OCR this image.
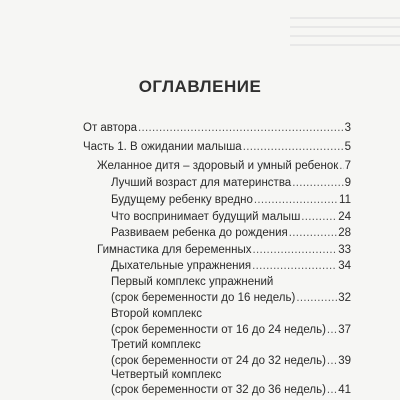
ОГЛАВЛЕНИЕ
От автора .....	3
Часть 1. В ожидании малыша .....	5
Желанное дитя – здоровый и умный ребенок ..... 7
Лучший возраст для материнства .....	9
Будущему ребенку вредно .....	11
Что воспринимает будущий малыш .....	24
Развиваем ребенка до рождения .....	28
Гимнастика для беременных .....	33
Дыхательные упражнения .....	34
Первый комплекс упражнений
(срок беременности до 16 недель) .....	32
Второй комплекс
(срок беременности от 16 до 24 недель) ..... 37
Третий комплекс
(срок беременности от 24 до 32 недель) ..... 39
Четвертый комплекс
(срок беременности от 32 до 36 недель) ..... 41
